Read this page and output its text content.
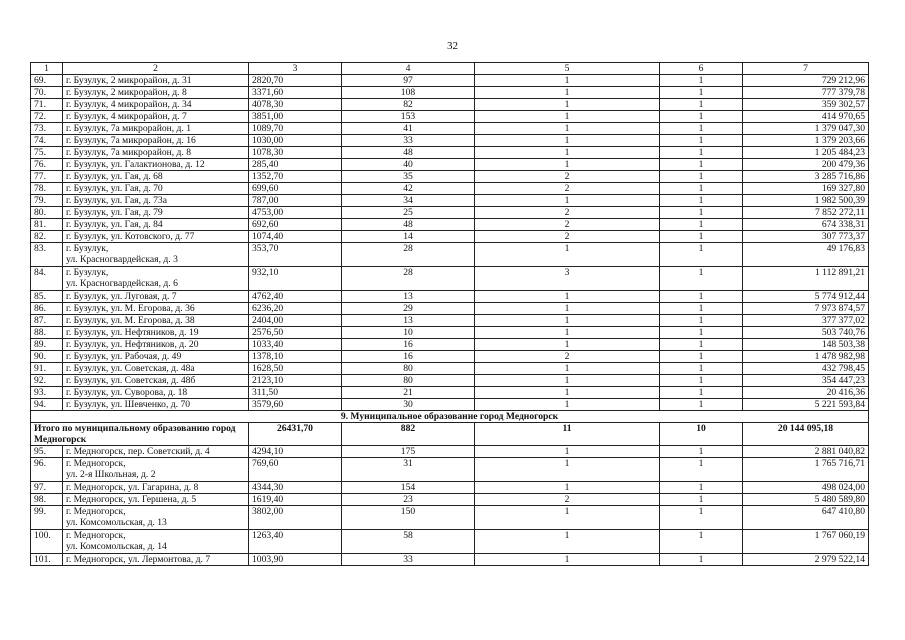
32
1	2	3	4	5	6	7
69.	г. Бузулук, 2 микрорайон, д. 31	2820,70	97	1	1	729 212,96
70.	г. Бузулук, 2 микрорайон, д. 8	3371,60	108	1	1	777 379,78
71.	г. Бузулук, 4 микрорайон, д. 34	4078,30	82	1	1	359 302,57
72.	г. Бузулук, 4 микрорайон, д. 7	3851,00	153	1	1	414 970,65
73.	г. Бузулук, 7а микрорайон, д. 1	1089,70	41	1	1	1 379 047,30
74.	г. Бузулук, 7а микрорайон, д. 16	1030,00	33	1	1	1 379 203,66
75.	г. Бузулук, 7а микрорайон, д. 8	1078,30	48	1	1	1 205 484,23
76.	г. Бузулук, ул. Галактионова, д. 12	285,40	40	1	1	200 479,36
77.	г. Бузулук, ул. Гая, д. 68	1352,70	35	2	1	3 285 716,86
78.	г. Бузулук, ул. Гая, д. 70	699,60	42	2	1	169 327,80
79.	г. Бузулук, ул. Гая, д. 73а	787,00	34	1	1	1 982 500,39
80.	г. Бузулук, ул. Гая, д. 79	4753,00	25	2	1	7 852 272,11
81.	г. Бузулук, ул. Гая, д. 84	692,60	48	2	1	674 338,31
82.	г. Бузулук, ул. Котовского, д. 77	1074,40	14	2	1	307 773,37
83.	г. Бузулук,
ул. Красногвардейская, д. 3	353,70	28	1	1	49 176,83
84.	г. Бузулук,
ул. Красногвардейская, д. 6	932,10	28	3	1	1 112 891,21
85.	г. Бузулук, ул. Луговая, д. 7	4762,40	13	1	1	5 774 912,44
86.	г. Бузулук, ул. М. Егорова, д. 36	6236,20	29	1	1	7 973 874,57
87.	г. Бузулук, ул. М. Егорова, д. 38	2404,00	13	1	1	377 377,02
88.	г. Бузулук, ул. Нефтяников, д. 19	2576,50	10	1	1	503 740,76
89.	г. Бузулук, ул. Нефтяников, д. 20	1033,40	16	1	1	148 503,38
90.	г. Бузулук, ул. Рабочая, д. 49	1378,10	16	2	1	1 478 982,98
91.	г. Бузулук, ул. Советская, д. 48а	1628,50	80	1	1	432 798,45
92.	г. Бузулук, ул. Советская, д. 48б	2123,10	80	1	1	354 447,23
93.	г. Бузулук, ул. Суворова, д. 18	311,50	21	1	1	20 416,36
94.	г. Бузулук, ул. Шевченко, д. 70	3579,60	30	1	1	5 221 593,84
9. Муниципальное образование город Медногорск						
Итого по муниципальному образованию город Медногорск		26431,70	882	11	10	20 144 095,18
95.	г. Медногорск, пер. Советский, д. 4	4294,10	175	1	1	2 881 040,82
96.	г. Медногорск,
ул. 2-я Школьная, д. 2	769,60	31	1	1	1 765 716,71
97.	г. Медногорск, ул. Гагарина, д. 8	4344,30	154	1	1	498 024,00
98.	г. Медногорск, ул. Гершена, д. 5	1619,40	23	2	1	5 480 589,80
99.	г. Медногорск,
ул. Комсомольская, д. 13	3802,00	150	1	1	647 410,80
100.	г. Медногорск,
ул. Комсомольская, д. 14	1263,40	58	1	1	1 767 060,19
101.	г. Медногорск, ул. Лермонтова, д. 7	1003,90	33	1	1	2 979 522,14
